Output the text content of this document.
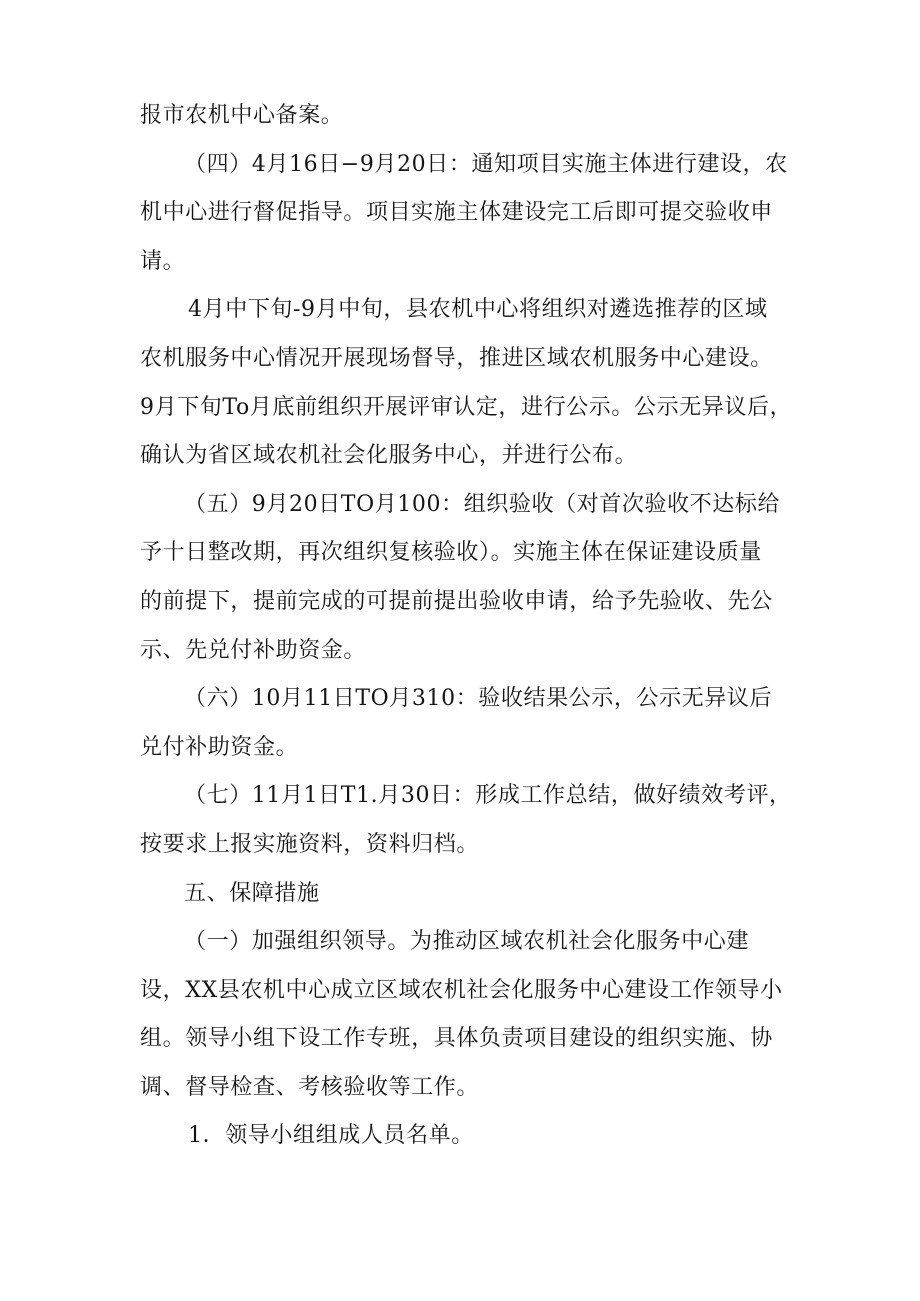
报市农机中心备案。
（四）4月16日−9月20日：通知项目实施主体进行建设，农
机中心进行督促指导。项目实施主体建设完工后即可提交验收申
请。
4月中下旬-9月中旬，县农机中心将组织对遴选推荐的区域
农机服务中心情况开展现场督导，推进区域农机服务中心建设。
9月下旬To月底前组织开展评审认定，进行公示。公示无异议后，
确认为省区域农机社会化服务中心，并进行公布。
（五）9月20日TO月100：组织验收（对首次验收不达标给
予十日整改期，再次组织复核验收）。实施主体在保证建设质量
的前提下，提前完成的可提前提出验收申请，给予先验收、先公
示、先兑付补助资金。
（六）10月11日TO月310：验收结果公示，公示无异议后
兑付补助资金。
（七）11月1日T1.月30日：形成工作总结，做好绩效考评，
按要求上报实施资料，资料归档。
五、保障措施
（一）加强组织领导。为推动区域农机社会化服务中心建
设，XX县农机中心成立区域农机社会化服务中心建设工作领导小
组。领导小组下设工作专班，具体负责项目建设的组织实施、协
调、督导检查、考核验收等工作。
1．领导小组组成人员名单。
